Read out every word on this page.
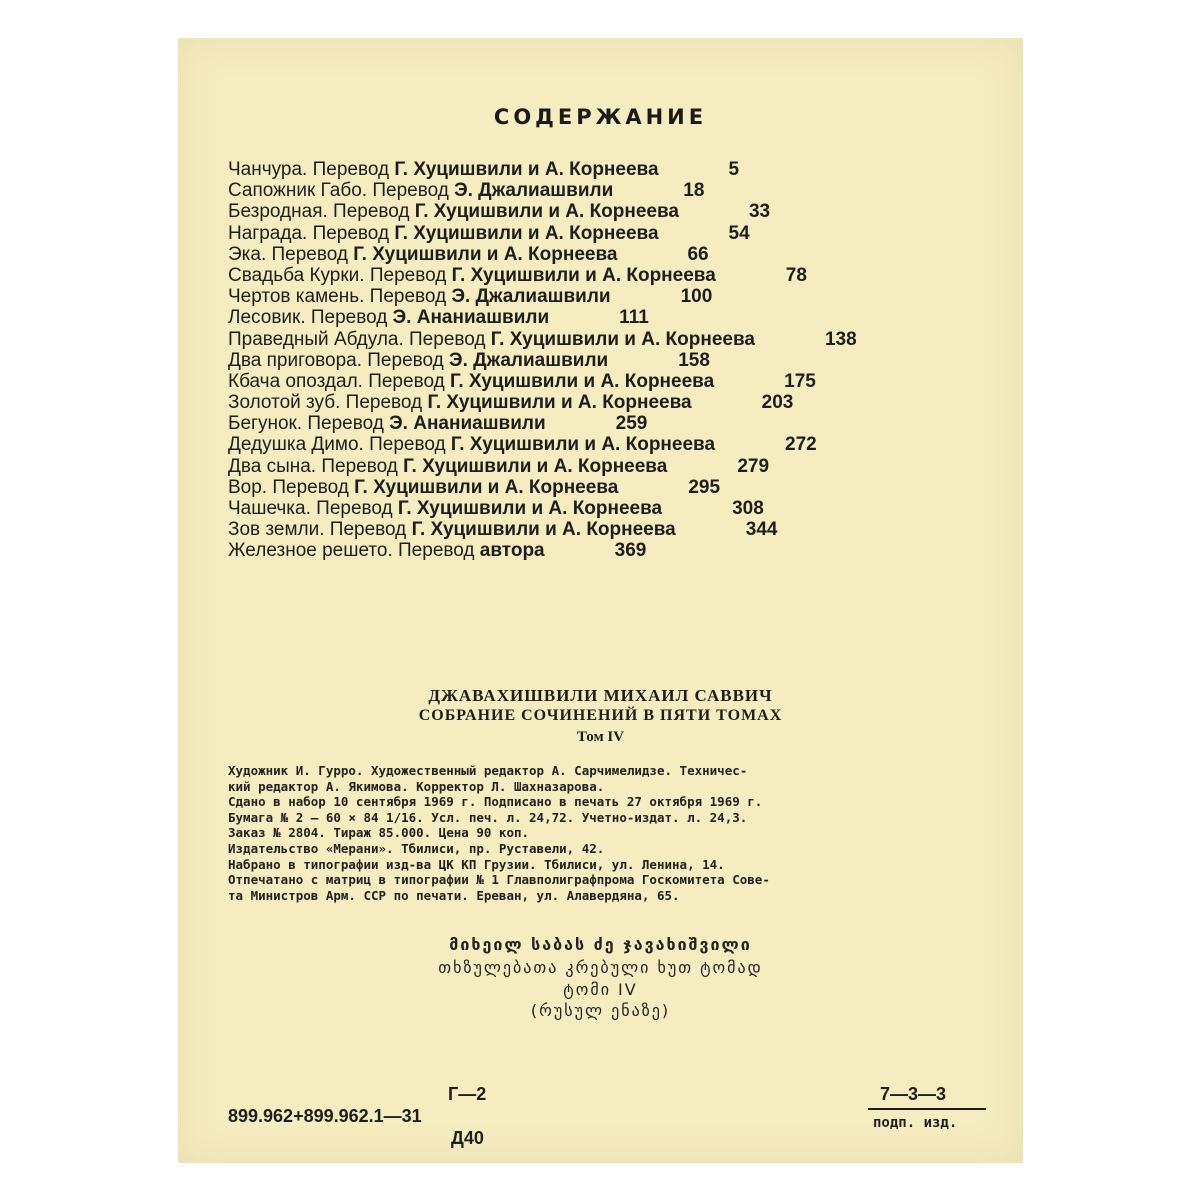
СОДЕРЖАНИЕ
Чанчура. Перевод Г. Хуцишвили и А. Корнеева	5
Сапожник Габо. Перевод Э. Джалиашвили	18
Безродная. Перевод Г. Хуцишвили и А. Корнеева	33
Награда. Перевод Г. Хуцишвили и А. Корнеева	54
Эка. Перевод Г. Хуцишвили и А. Корнеева	66
Свадьба Курки. Перевод Г. Хуцишвили и А. Корнеева	78
Чертов камень. Перевод Э. Джалиашвили	100
Лесовик. Перевод Э. Ананиашвили	111
Праведный Абдула. Перевод Г. Хуцишвили и А. Корнеева	138
Два приговора. Перевод Э. Джалиашвили	158
Кбача опоздал. Перевод Г. Хуцишвили и А. Корнеева	175
Золотой зуб. Перевод Г. Хуцишвили и А. Корнеева	203
Бегунок. Перевод Э. Ананиашвили	259
Дедушка Димо. Перевод Г. Хуцишвили и А. Корнеева	272
Два сына. Перевод Г. Хуцишвили и А. Корнеева	279
Вор. Перевод Г. Хуцишвили и А. Корнеева	295
Чашечка. Перевод Г. Хуцишвили и А. Корнеева	308
Зов земли. Перевод Г. Хуцишвили и А. Корнеева	344
Железное решето. Перевод автора	369
ДЖАВАХИШВИЛИ МИХАИЛ САВВИЧ
СОБРАНИЕ СОЧИНЕНИЙ В ПЯТИ ТОМАХ
Том IV
Художник И. Гурро. Художественный редактор А. Сарчимелидзе. Техничес-
кий редактор А. Якимова. Корректор Л. Шахназарова.
Сдано в набор 10 сентября 1969 г. Подписано в печать 27 октября 1969 г.
Бумага № 2 — 60 × 84 1/16. Усл. печ. л. 24,72. Учетно-издат. л. 24,3.
Заказ № 2804. Тираж 85.000. Цена 90 коп.
Издательство «Мерани». Тбилиси, пр. Руставели, 42.
Набрано в типографии изд-ва ЦК КП Грузии. Тбилиси, ул. Ленина, 14.
Отпечатано с матриц в типографии № 1 Главполиграфпрома Госкомитета Сове-
та Министров Арм. ССР по печати. Ереван, ул. Алавердяна, 65.
მიხეილ საბას ძე ჯავახიშვილი
თხზულებათა კრებული ხუთ ტომად
ტომი IV
(რუსულ ენაზე)
Г—2
899.962+899.962.1—31
Д40
7—3—3
подп. изд.
